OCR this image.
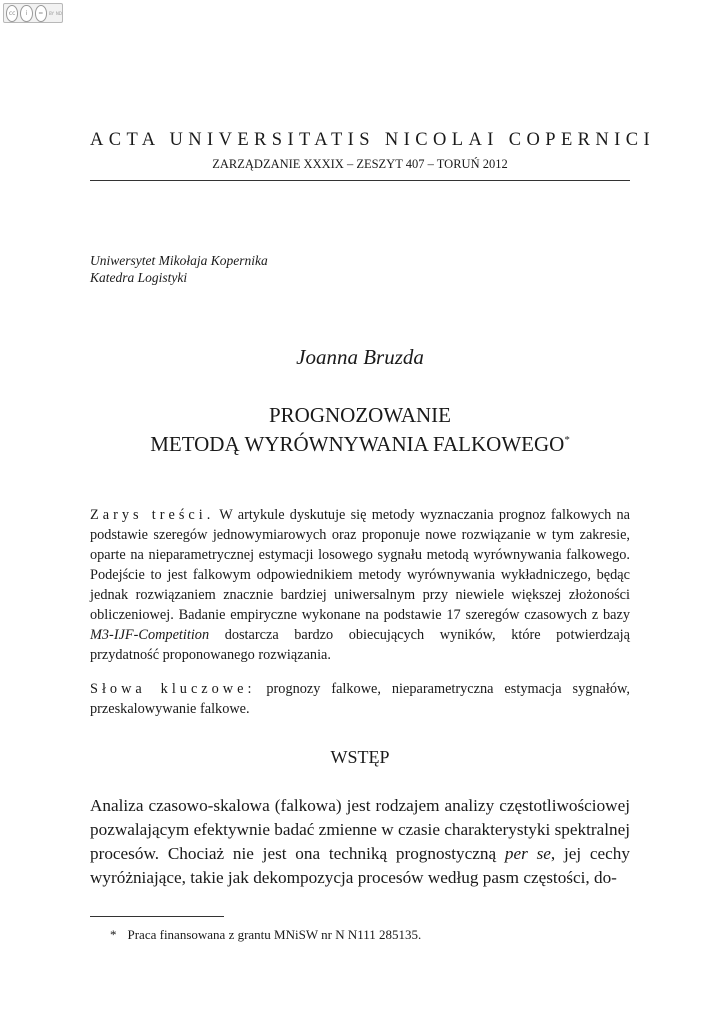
cc	i	=	BY ND
ACTA UNIVERSITATIS NICOLAI COPERNICI
ZARZĄDZANIE XXXIX – ZESZYT 407 – TORUŃ 2012
Uniwersytet Mikołaja Kopernika
Katedra Logistyki
Joanna Bruzda
PROGNOZOWANIE
METODĄ WYRÓWNYWANIA FALKOWEGO*
Zarys treści. W artykule dyskutuje się metody wyznaczania prognoz falkowych na podstawie szeregów jednowymiarowych oraz proponuje nowe rozwiązanie w tym zakresie, oparte na nieparametrycznej estymacji losowego sygnału metodą wyrównywania falkowego. Podejście to jest falkowym odpowiednikiem metody wyrównywania wykładniczego, będąc jednak rozwiązaniem znacznie bardziej uniwersalnym przy niewiele większej złożoności obliczeniowej. Badanie empiryczne wykonane na podstawie 17 szeregów czasowych z bazy M3-IJF-Competition dostarcza bardzo obiecujących wyników, które potwierdzają przydatność proponowanego rozwiązania.
Słowa kluczowe: prognozy falkowe, nieparametryczna estymacja sygnałów, przeskalowywanie falkowe.
WSTĘP
Analiza czasowo-skalowa (falkowa) jest rodzajem analizy częstotliwościowej pozwalającym efektywnie badać zmienne w czasie charakterystyki spektralnej procesów. Chociaż nie jest ona techniką prognostyczną per se, jej cechy wyróżniające, takie jak dekompozycja procesów według pasm częstości, do-
* Praca finansowana z grantu MNiSW nr N N111 285135.
